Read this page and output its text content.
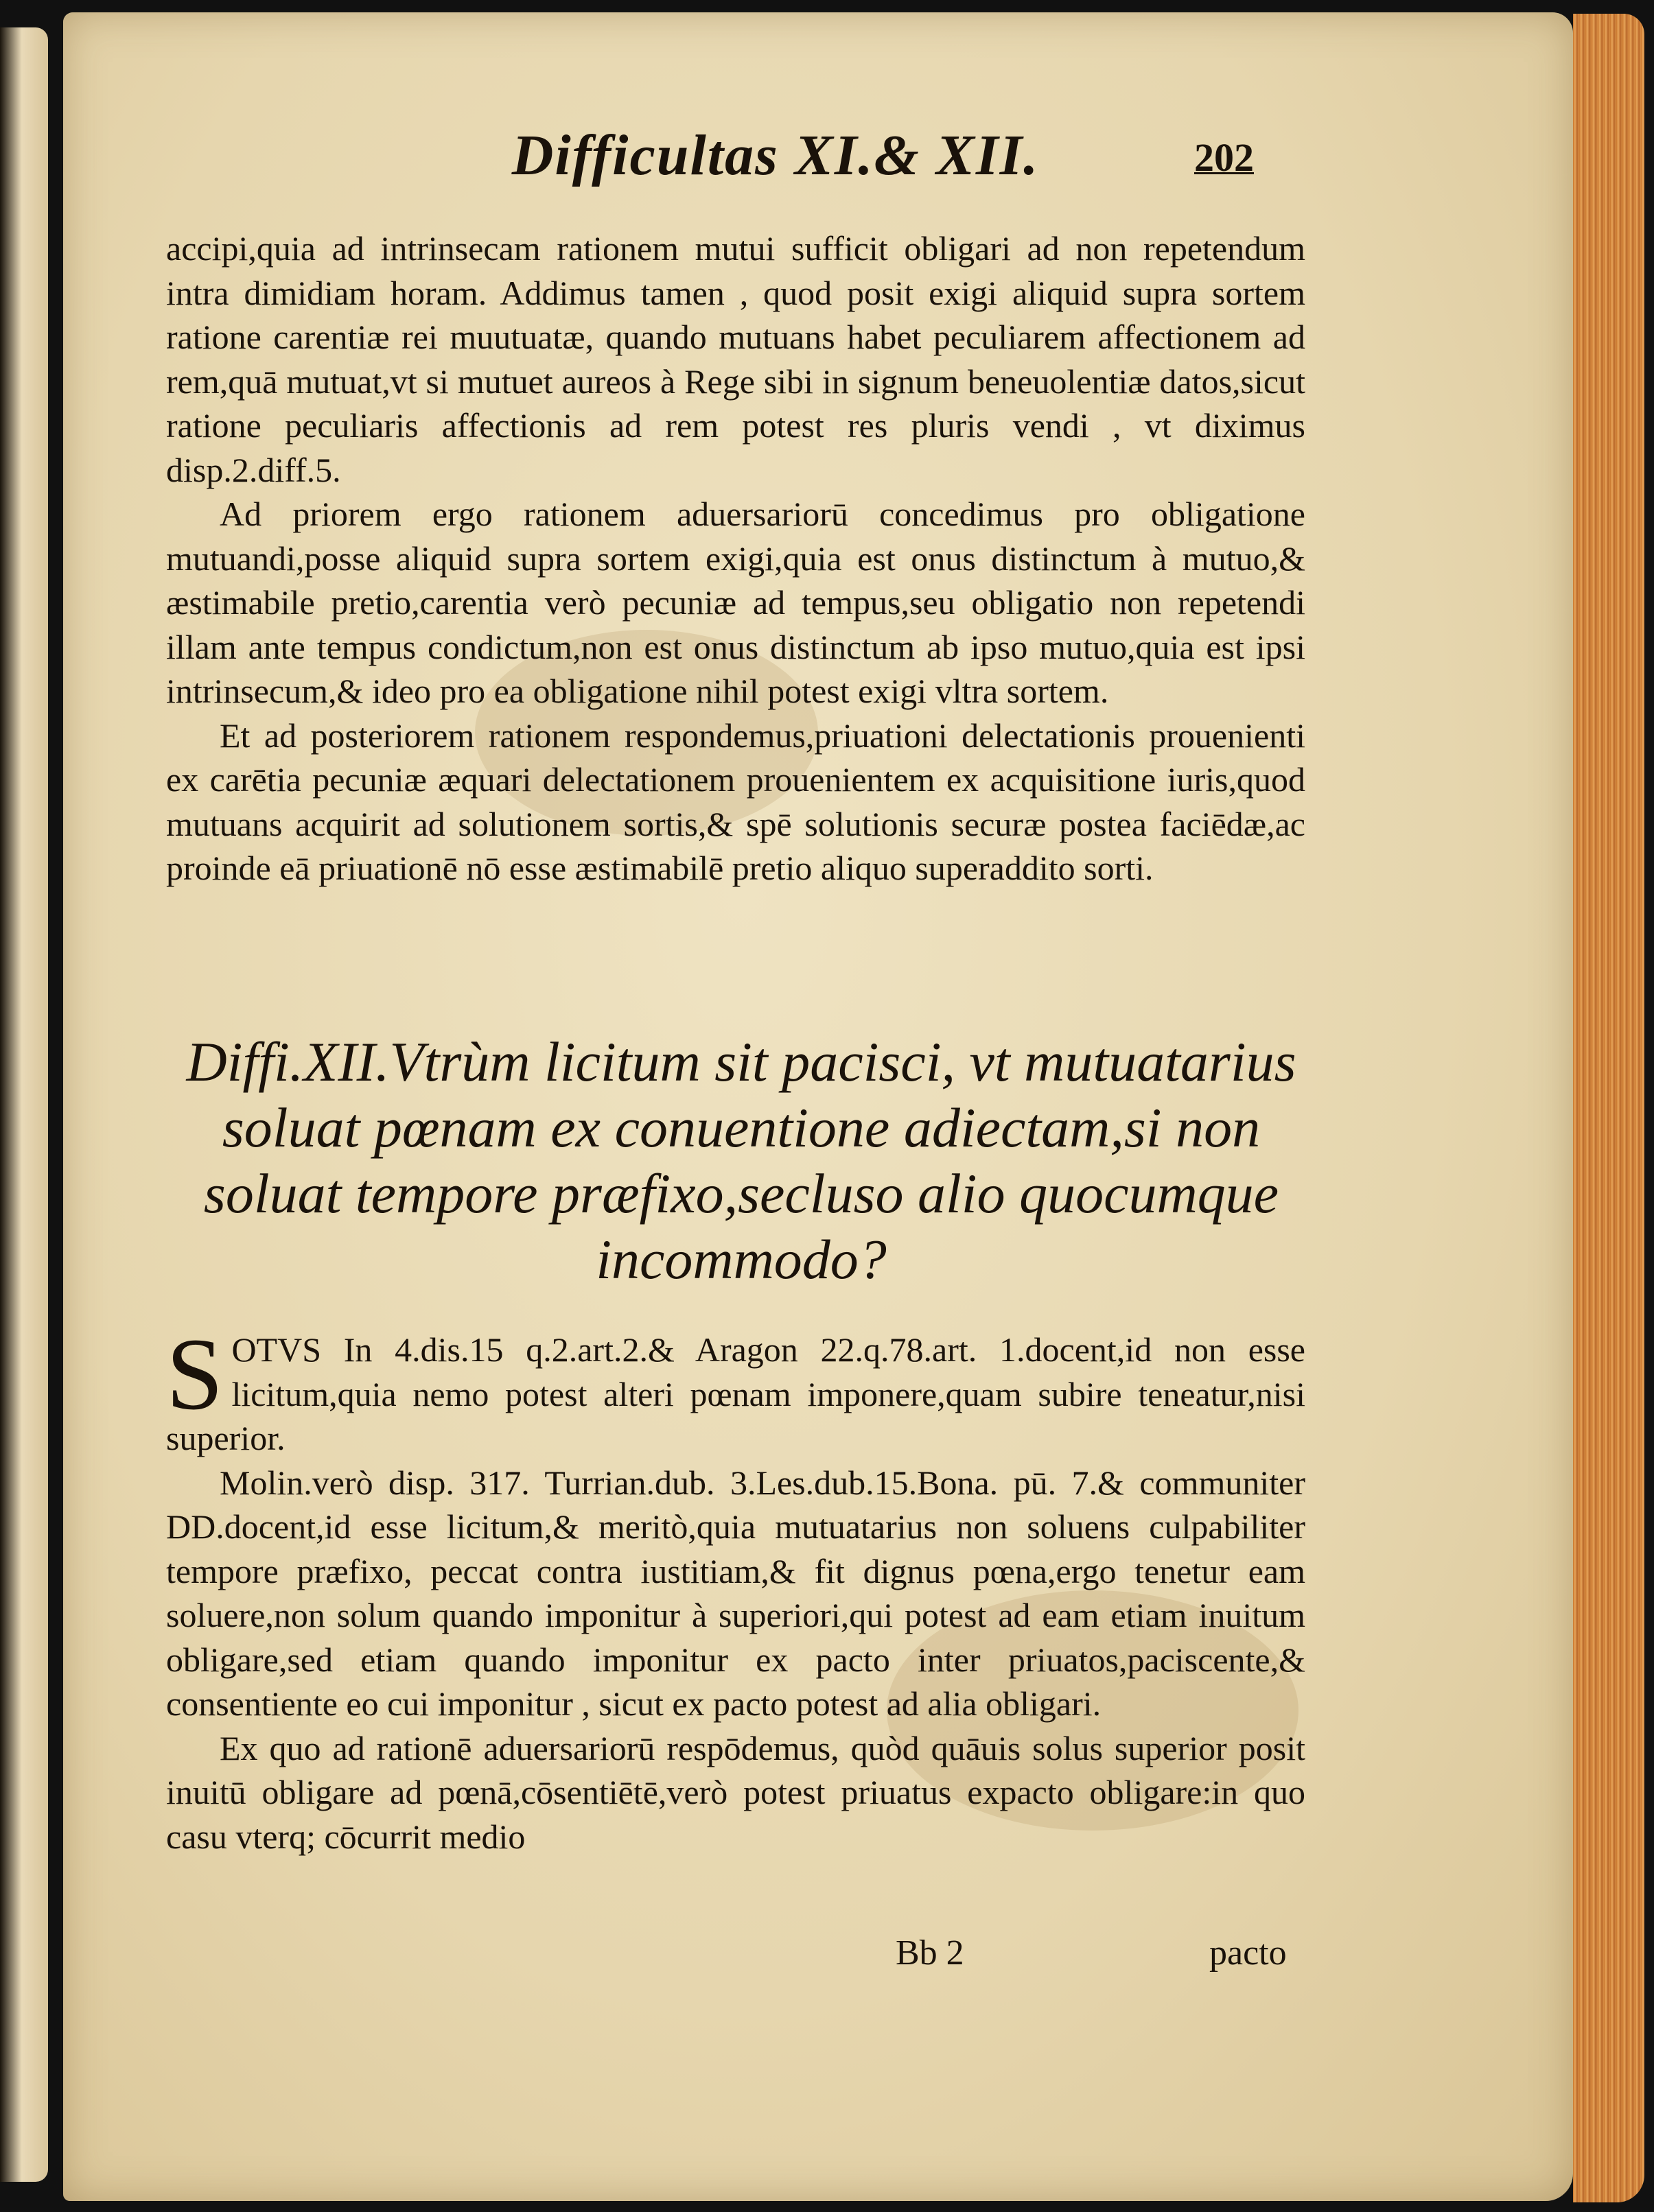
Difficultas XI.& XII.	202

accipi,quia ad intrinsecam rationem mutui sufficit obligari ad non repetendum intra dimidiam horam. Addimus tamen , quod posit exigi aliquid supra sortem ratione carentiæ rei muutuatæ, quando mutuans habet peculiarem affectionem ad rem,quā mutuat,vt si mutuet aureos à Rege sibi in signum beneuolentiæ datos,sicut ratione peculiaris affectionis ad rem potest res pluris vendi , vt diximus disp.2.diff.5.

Ad priorem ergo rationem aduersariorū concedimus pro obligatione mutuandi,posse aliquid supra sortem exigi,quia est onus distinctum à mutuo,& æstimabile pretio,carentia verò pecuniæ ad tempus,seu obligatio non repetendi illam ante tempus condictum,non est onus distinctum ab ipso mutuo,quia est ipsi intrinsecum,& ideo pro ea obligatione nihil potest exigi vltra sortem.

Et ad posteriorem rationem respondemus,priuationi delectationis prouenienti ex carētia pecuniæ æquari delectationem prouenientem ex acquisitione iuris,quod mutuans acquirit ad solutionem sortis,& spē solutionis securæ postea faciēdæ,ac proinde eā priuationē nō esse æstimabilē pretio aliquo superaddito sorti.

Diffi.XII.Vtrùm licitum sit pacisci, vt mutuatarius soluat pœnam ex conuentione adiectam,si non soluat tempore præfixo,secluso alio quocumque incommodo?

SOTVS In 4.dis.15 q.2.art.2.& Aragon 22.q.78.art. 1.docent,id non esse licitum,quia nemo potest alteri pœnam imponere,quam subire teneatur,nisi superior.

Molin.verò disp. 317. Turrian.dub. 3.Les.dub.15.Bona. pū. 7.& communiter DD.docent,id esse licitum,& meritò,quia mutuatarius non soluens culpabiliter tempore præfixo, peccat contra iustitiam,& fit dignus pœna,ergo tenetur eam soluere,non solum quando imponitur à superiori,qui potest ad eam etiam inuitum obligare,sed etiam quando imponitur ex pacto inter priuatos,paciscente,& consentiente eo cui imponitur , sicut ex pacto potest ad alia obligari.

Ex quo ad rationē aduersariorū respōdemus, quòd quāuis solus superior posit inuitū obligare ad pœnā,cōsentiētē,verò potest priuatus expacto obligare:in quo casu vterq; cōcurrit medio

Bb 2	pacto
